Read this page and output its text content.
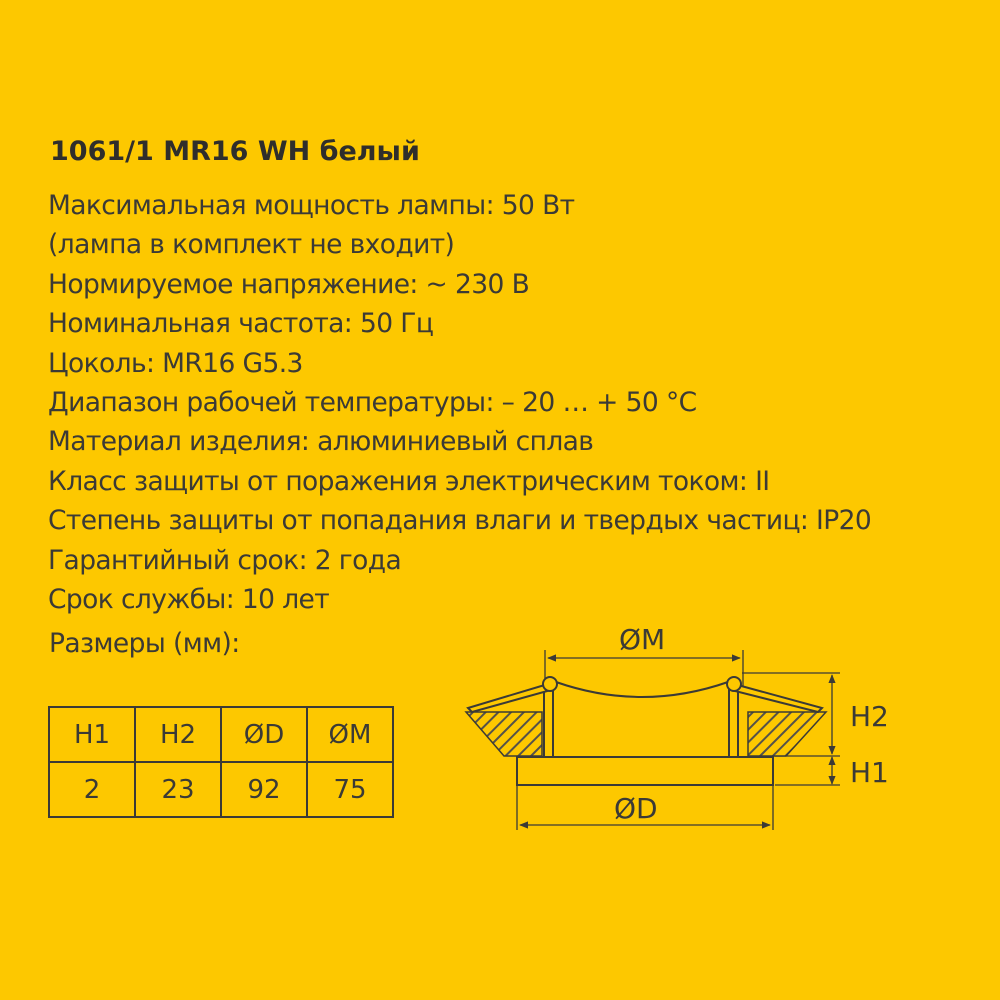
1061/1 MR16 WH белый
Максимальная мощность лампы: 50 Вт
(лампа в комплект не входит)
Нормируемое напряжение: ~ 230 В
Номинальная частота: 50 Гц
Цоколь: MR16 G5.3
Диапазон рабочей температуры: – 20 … + 50 °С
Материал изделия: алюминиевый сплав
Класс защиты от поражения электрическим током: II
Степень защиты от попадания влаги и твердых частиц: IP20
Гарантийный срок: 2 года
Срок службы: 10 лет
Размеры (мм):
H1	H2	ØD	ØM
2	23	92	75
ØM
ØD
H2
H1
